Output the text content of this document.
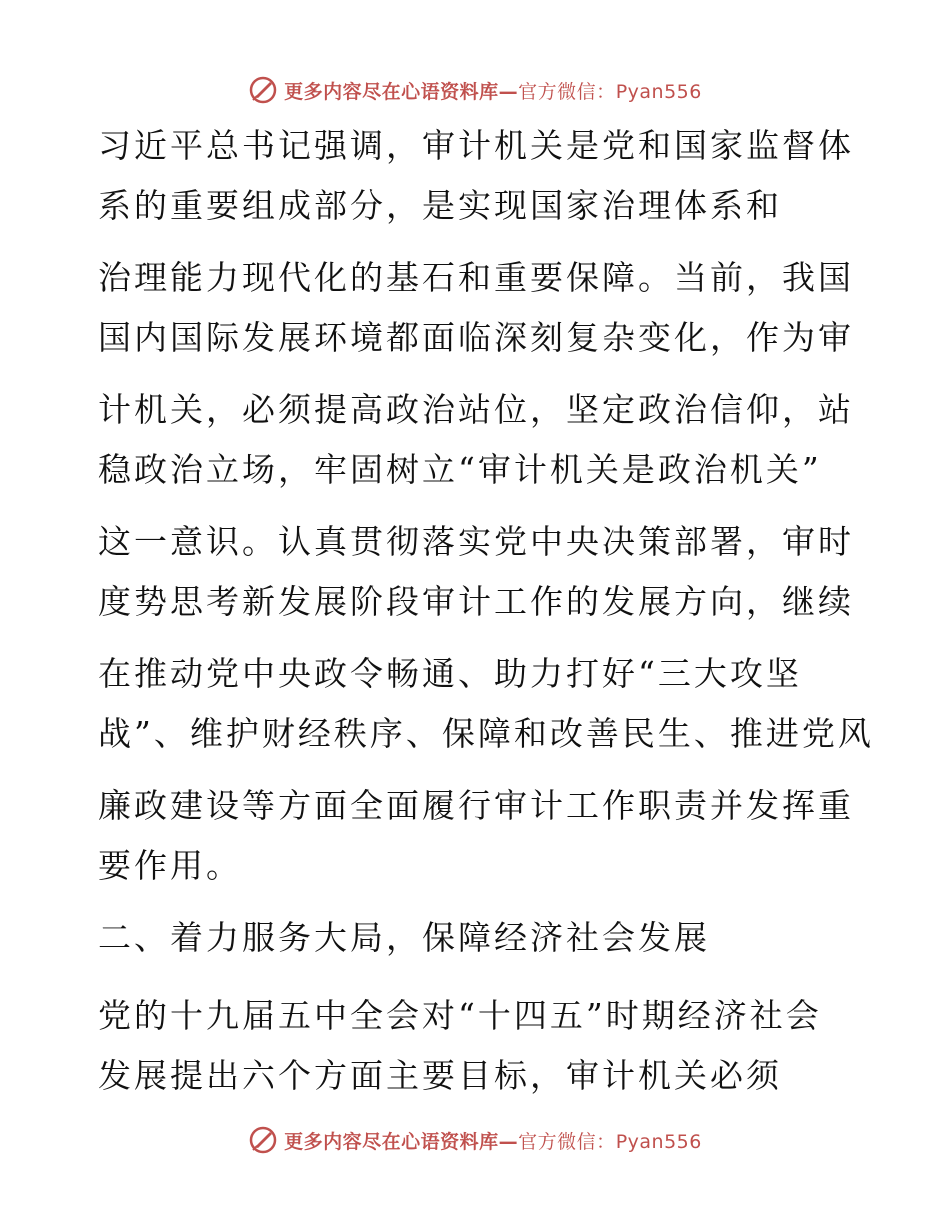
更多内容尽在心语资料库—官方微信：Pyan556
习近平总书记强调，审计机关是党和国家监督体
系的重要组成部分，是实现国家治理体系和
治理能力现代化的基石和重要保障。当前，我国
国内国际发展环境都面临深刻复杂变化，作为审
计机关，必须提高政治站位，坚定政治信仰，站
稳政治立场，牢固树立“审计机关是政治机关”
这一意识。认真贯彻落实党中央决策部署，审时
度势思考新发展阶段审计工作的发展方向，继续
在推动党中央政令畅通、助力打好“三大攻坚
战”、维护财经秩序、保障和改善民生、推进党风
廉政建设等方面全面履行审计工作职责并发挥重
要作用。
二、着力服务大局，保障经济社会发展
党的十九届五中全会对“十四五”时期经济社会
发展提出六个方面主要目标，审计机关必须
更多内容尽在心语资料库—官方微信：Pyan556
